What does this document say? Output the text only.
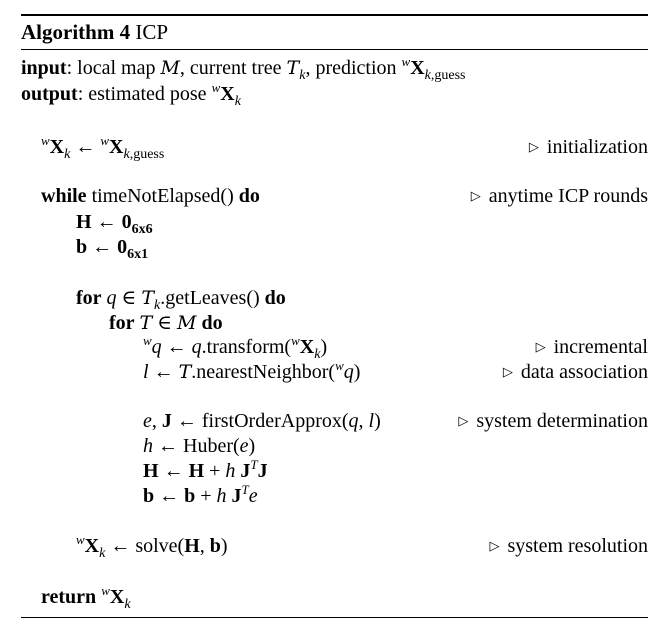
Algorithm 4 ICP
input: local map M, current tree $T_k$, prediction $^wX_{k,guess}$
output: estimated pose $^wX_k$
$^wX_k$ ← $^wX_{k,guess}$
▷ initialization
while timeNotElapsed() do	▷ anytime ICP rounds
H ← $0_{6x6}$
b ← $0_{6x1}$
for q ∈ $T_k.getLeaves()$ do
for T ∈ M do
$^w$q ← $q.transform(^wX_k)$	▷ incremental
l ← T.nearestNeighbor($^w$q)	▷ data association
e, J ← firstOrderApprox(q, l)	▷ system determination
h ← Huber(e)
H ← H + h $J^TJ$
b ← b + h $J^Te$
$^wX_k$ ← solve(H, b)	▷ system resolution
return $^wX_k$
